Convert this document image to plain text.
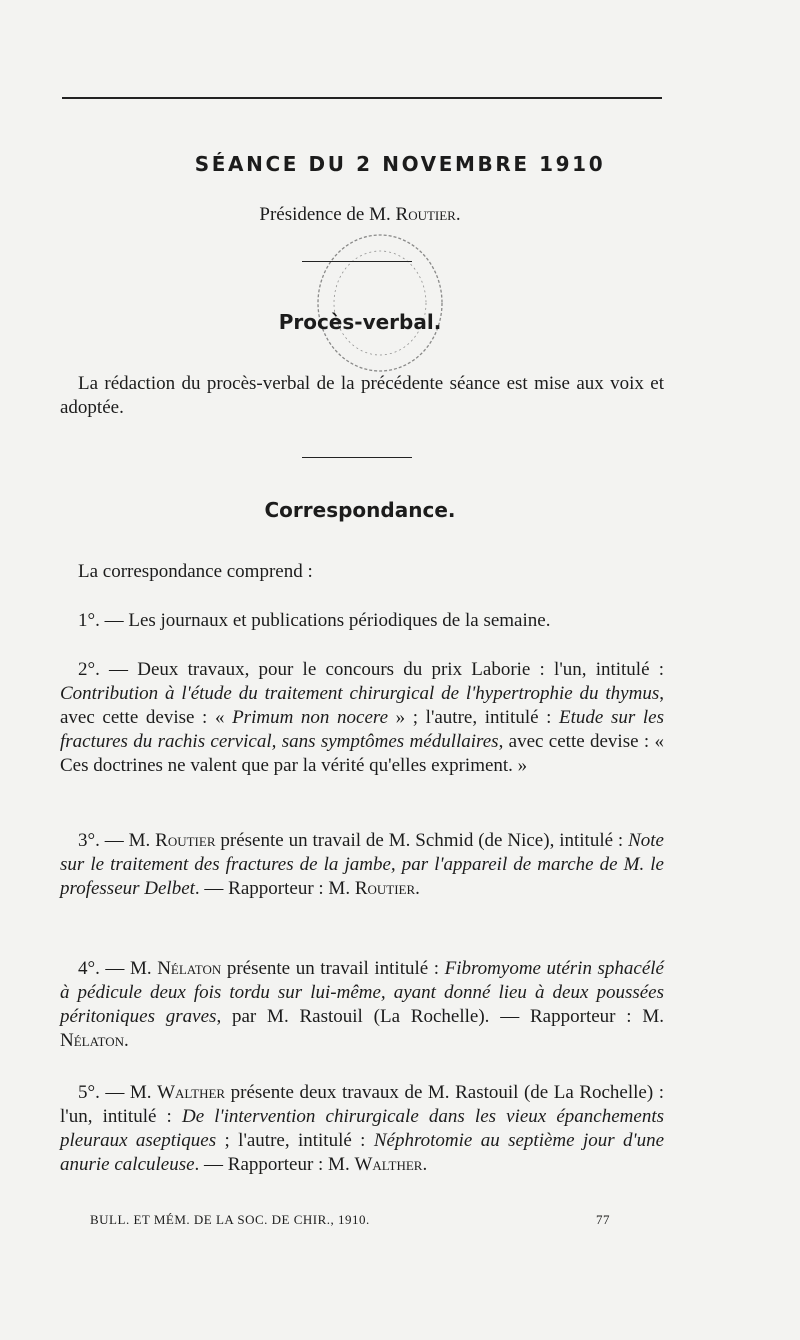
SÉANCE DU 2 NOVEMBRE 1910
Présidence de M. Routier.
Procès-verbal.
La rédaction du procès-verbal de la précédente séance est mise aux voix et adoptée.
Correspondance.
La correspondance comprend :
1°. — Les journaux et publications périodiques de la semaine.
2°. — Deux travaux, pour le concours du prix Laborie : l'un, intitulé : Contribution à l'étude du traitement chirurgical de l'hypertrophie du thymus, avec cette devise : « Primum non nocere » ; l'autre, intitulé : Etude sur les fractures du rachis cervical, sans symptômes médullaires, avec cette devise : « Ces doctrines ne valent que par la vérité qu'elles expriment. »
3°. — M. Routier présente un travail de M. Schmid (de Nice), intitulé : Note sur le traitement des fractures de la jambe, par l'appareil de marche de M. le professeur Delbet. — Rapporteur : M. Routier.
4°. — M. Nélaton présente un travail intitulé : Fibromyome utérin sphacélé à pédicule deux fois tordu sur lui-même, ayant donné lieu à deux poussées péritoniques graves, par M. Rastouil (La Rochelle). — Rapporteur : M. Nélaton.
5°. — M. Walther présente deux travaux de M. Rastouil (de La Rochelle) : l'un, intitulé : De l'intervention chirurgicale dans les vieux épanchements pleuraux aseptiques ; l'autre, intitulé : Néphrotomie au septième jour d'une anurie calculeuse. — Rapporteur : M. Walther.
BULL. ET MÉM. DE LA SOC. DE CHIR., 1910.	77
